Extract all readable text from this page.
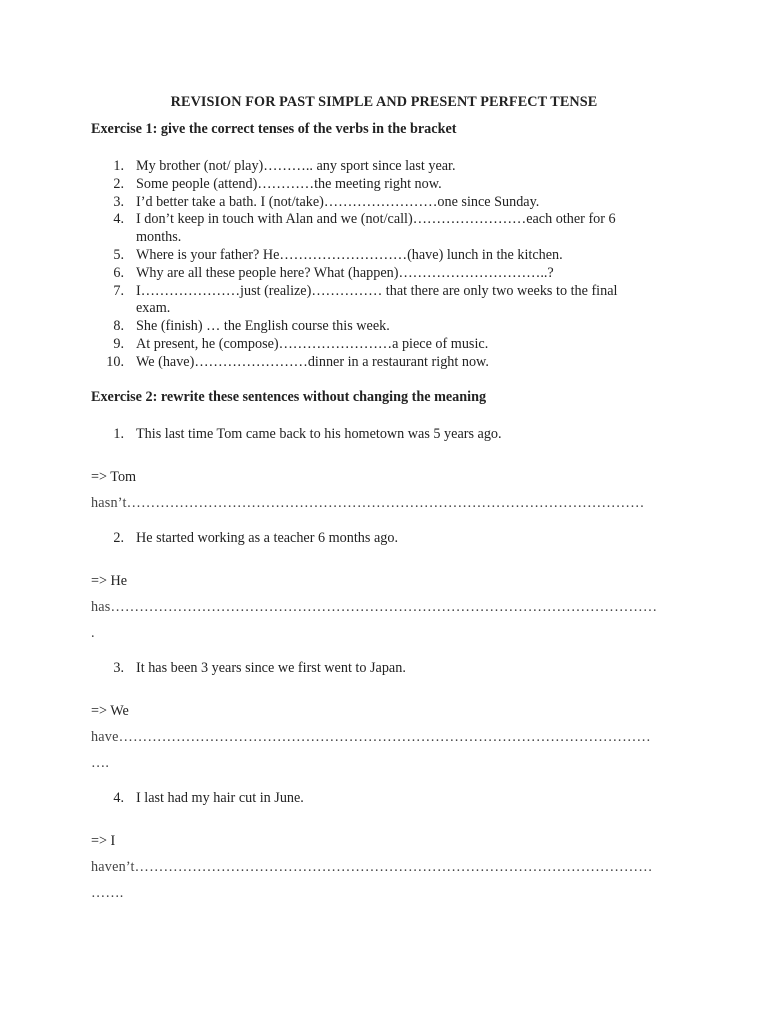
REVISION FOR PAST SIMPLE AND PRESENT PERFECT TENSE
Exercise 1: give the correct tenses of the verbs in the bracket
1. My brother (not/ play)……….. any sport since last year.
2. Some people (attend)…………the meeting right now.
3. I’d better take a bath. I (not/take)……………………one since Sunday.
4. I don’t keep in touch with Alan and we (not/call)……………………each other for 6
months.
5. Where is your father? He………………………(have) lunch in the kitchen.
6. Why are all these people here? What (happen)…………………………..?
7. I…………………just (realize)…………… that there are only two weeks to the final
exam.
8. She (finish) … the English course this week.
9. At present, he (compose)……………………a piece of music.
10. We (have)……………………dinner in a restaurant right now.
Exercise 2: rewrite these sentences without changing the meaning
1. This last time Tom came back to his hometown was 5 years ago.
=> Tom
hasn’t………………………………………………………………………………………………
2. He started working as a teacher 6 months ago.
=> He
has……………………………………………………………………………………………………
.
3. It has been 3 years since we first went to Japan.
=> We
have…………………………………………………………………………………………………
….
4. I last had my hair cut in June.
=> I
haven’t………………………………………………………………………………………………
…….
